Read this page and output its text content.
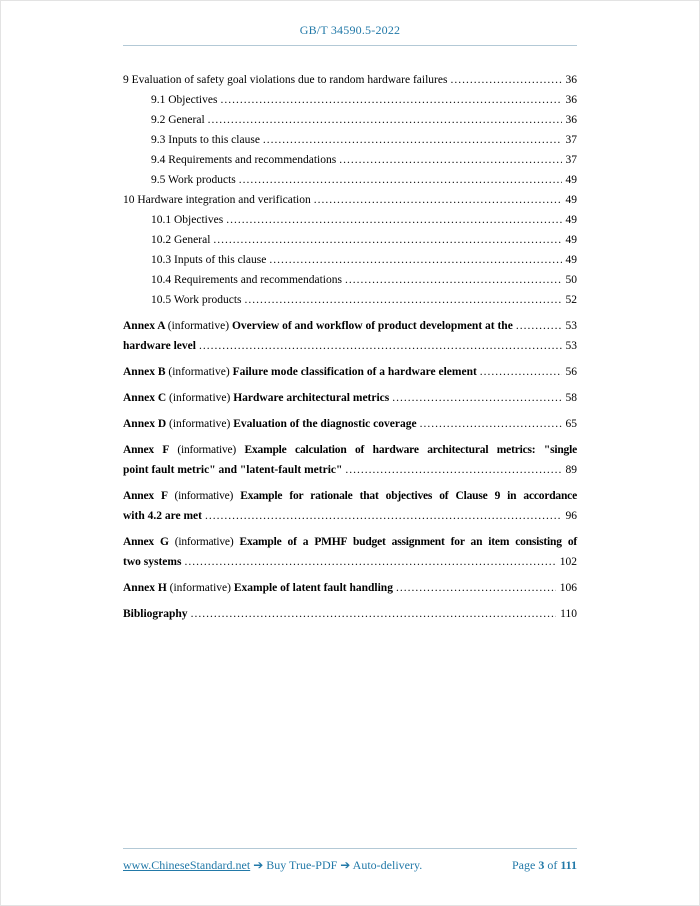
GB/T 34590.5-2022
9 Evaluation of safety goal violations due to random hardware failures .....	36
9.1 Objectives .....	36
9.2 General .....	36
9.3 Inputs to this clause .....	37
9.4 Requirements and recommendations .....	37
9.5 Work products .....	49
10 Hardware integration and verification .....	49
10.1 Objectives .....	49
10.2 General .....	49
10.3 Inputs of this clause .....	49
10.4 Requirements and recommendations .....	50
10.5 Work products .....	52
Annex A (informative) Overview of and workflow of product development at the .....	53
hardware level .....	53
Annex B (informative) Failure mode classification of a hardware element .....	56
Annex C (informative) Hardware architectural metrics .....	58
Annex D (informative) Evaluation of the diagnostic coverage .....	65
Annex F (informative) Example calculation of hardware architectural metrics: "single
point fault metric" and "latent-fault metric" .....	89
Annex F (informative) Example for rationale that objectives of Clause 9 in accordance
with 4.2 are met .....	96
Annex G (informative) Example of a PMHF budget assignment for an item consisting of
two systems .....	102
Annex H (informative) Example of latent fault handling .....	106
Bibliography .....	110
www.ChineseStandard.net ➔ Buy True-PDF ➔ Auto-delivery.	Page 3 of 111
